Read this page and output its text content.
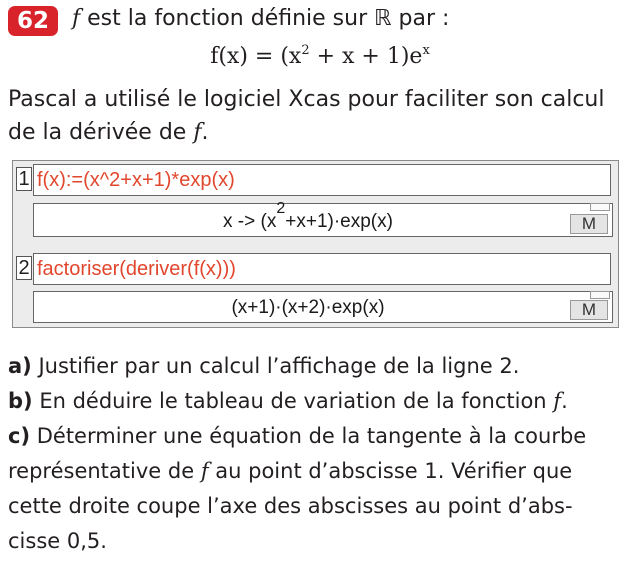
62	f est la fonction définie sur ℝ par :
$f(x) = (x^2 + x + 1)e^x$
Pascal a utilisé le logiciel Xcas pour faciliter son calcul
de la dérivée de f.
1 f(x):=(x^2+x+1)*exp(x)
$x -> (x^2+x+1)\cdot\exp(x)$	M
2 factoriser(deriver(f(x)))
(x+1)·(x+2)·exp(x)	M
a) Justifier par un calcul l’affichage de la ligne 2.
b) En déduire le tableau de variation de la fonction f.
c) Déterminer une équation de la tangente à la courbe
représentative de f au point d’abscisse 1. Vérifier que
cette droite coupe l’axe des abscisses au point d’abs-
cisse 0,5.
